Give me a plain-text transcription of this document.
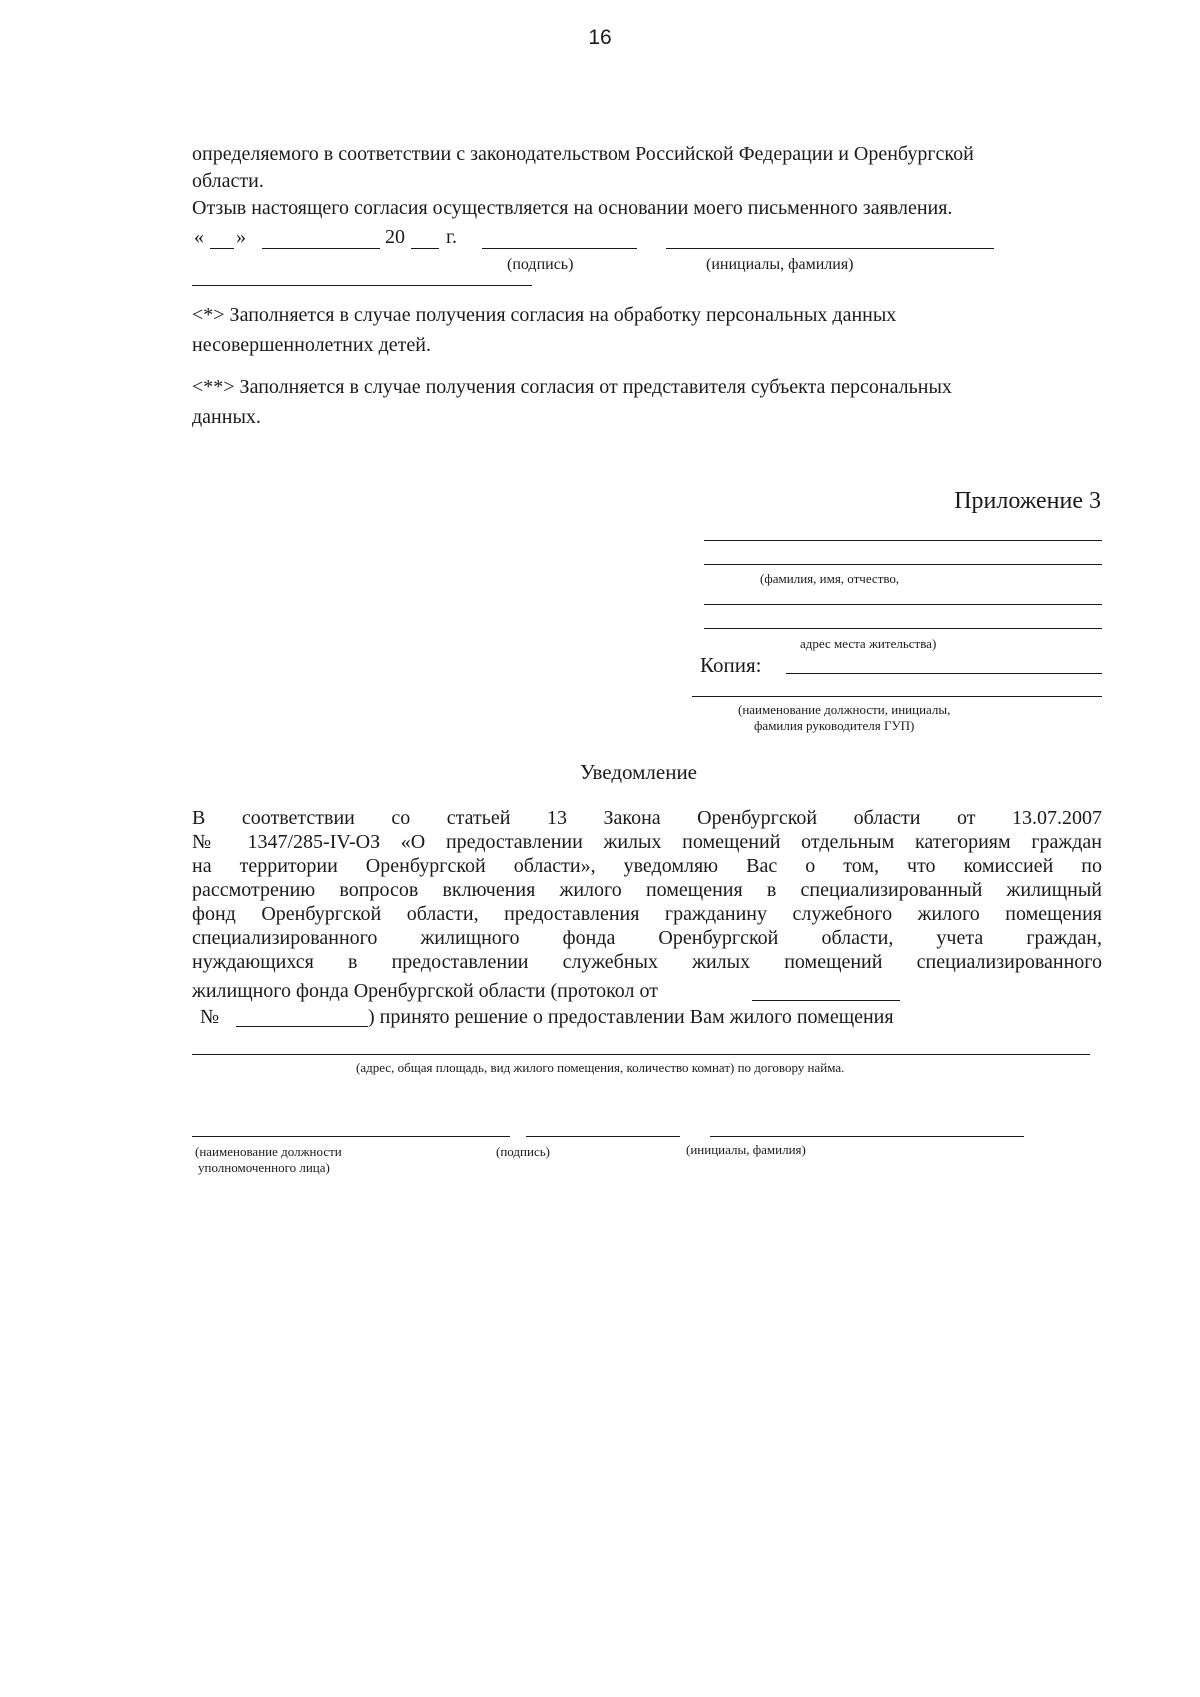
16
определяемого в соответствии с законодательством Российской Федерации и Оренбургской
области.
Отзыв настоящего согласия осуществляется на основании моего письменного заявления.
« »	20 г.
(подпись)	(инициалы, фамилия)
<*> Заполняется в случае получения согласия на обработку персональных данных
несовершеннолетних детей.
<**> Заполняется в случае получения согласия от представителя субъекта персональных
данных.
Приложение 3
(фамилия, имя, отчество,
адрес места жительства)
Копия:
(наименование должности, инициалы,
фамилия руководителя ГУП)
Уведомление
В соответствии со статьей 13 Закона Оренбургской области от 13.07.2007
№ 1347/285-IV-ОЗ «О предоставлении жилых помещений отдельным категориям граждан
на территории Оренбургской области», уведомляю Вас о том, что комиссией по
рассмотрению вопросов включения жилого помещения в специализированный жилищный
фонд Оренбургской области, предоставления гражданину служебного жилого помещения
специализированного жилищного фонда Оренбургской области, учета граждан,
нуждающихся в предоставлении служебных жилых помещений специализированного
жилищного фонда Оренбургской области (протокол от
№	) принято решение о предоставлении Вам жилого помещения
(адрес, общая площадь, вид жилого помещения, количество комнат) по договору найма.
(наименование должности
уполномоченного лица)
(подпись)	(инициалы, фамилия)
